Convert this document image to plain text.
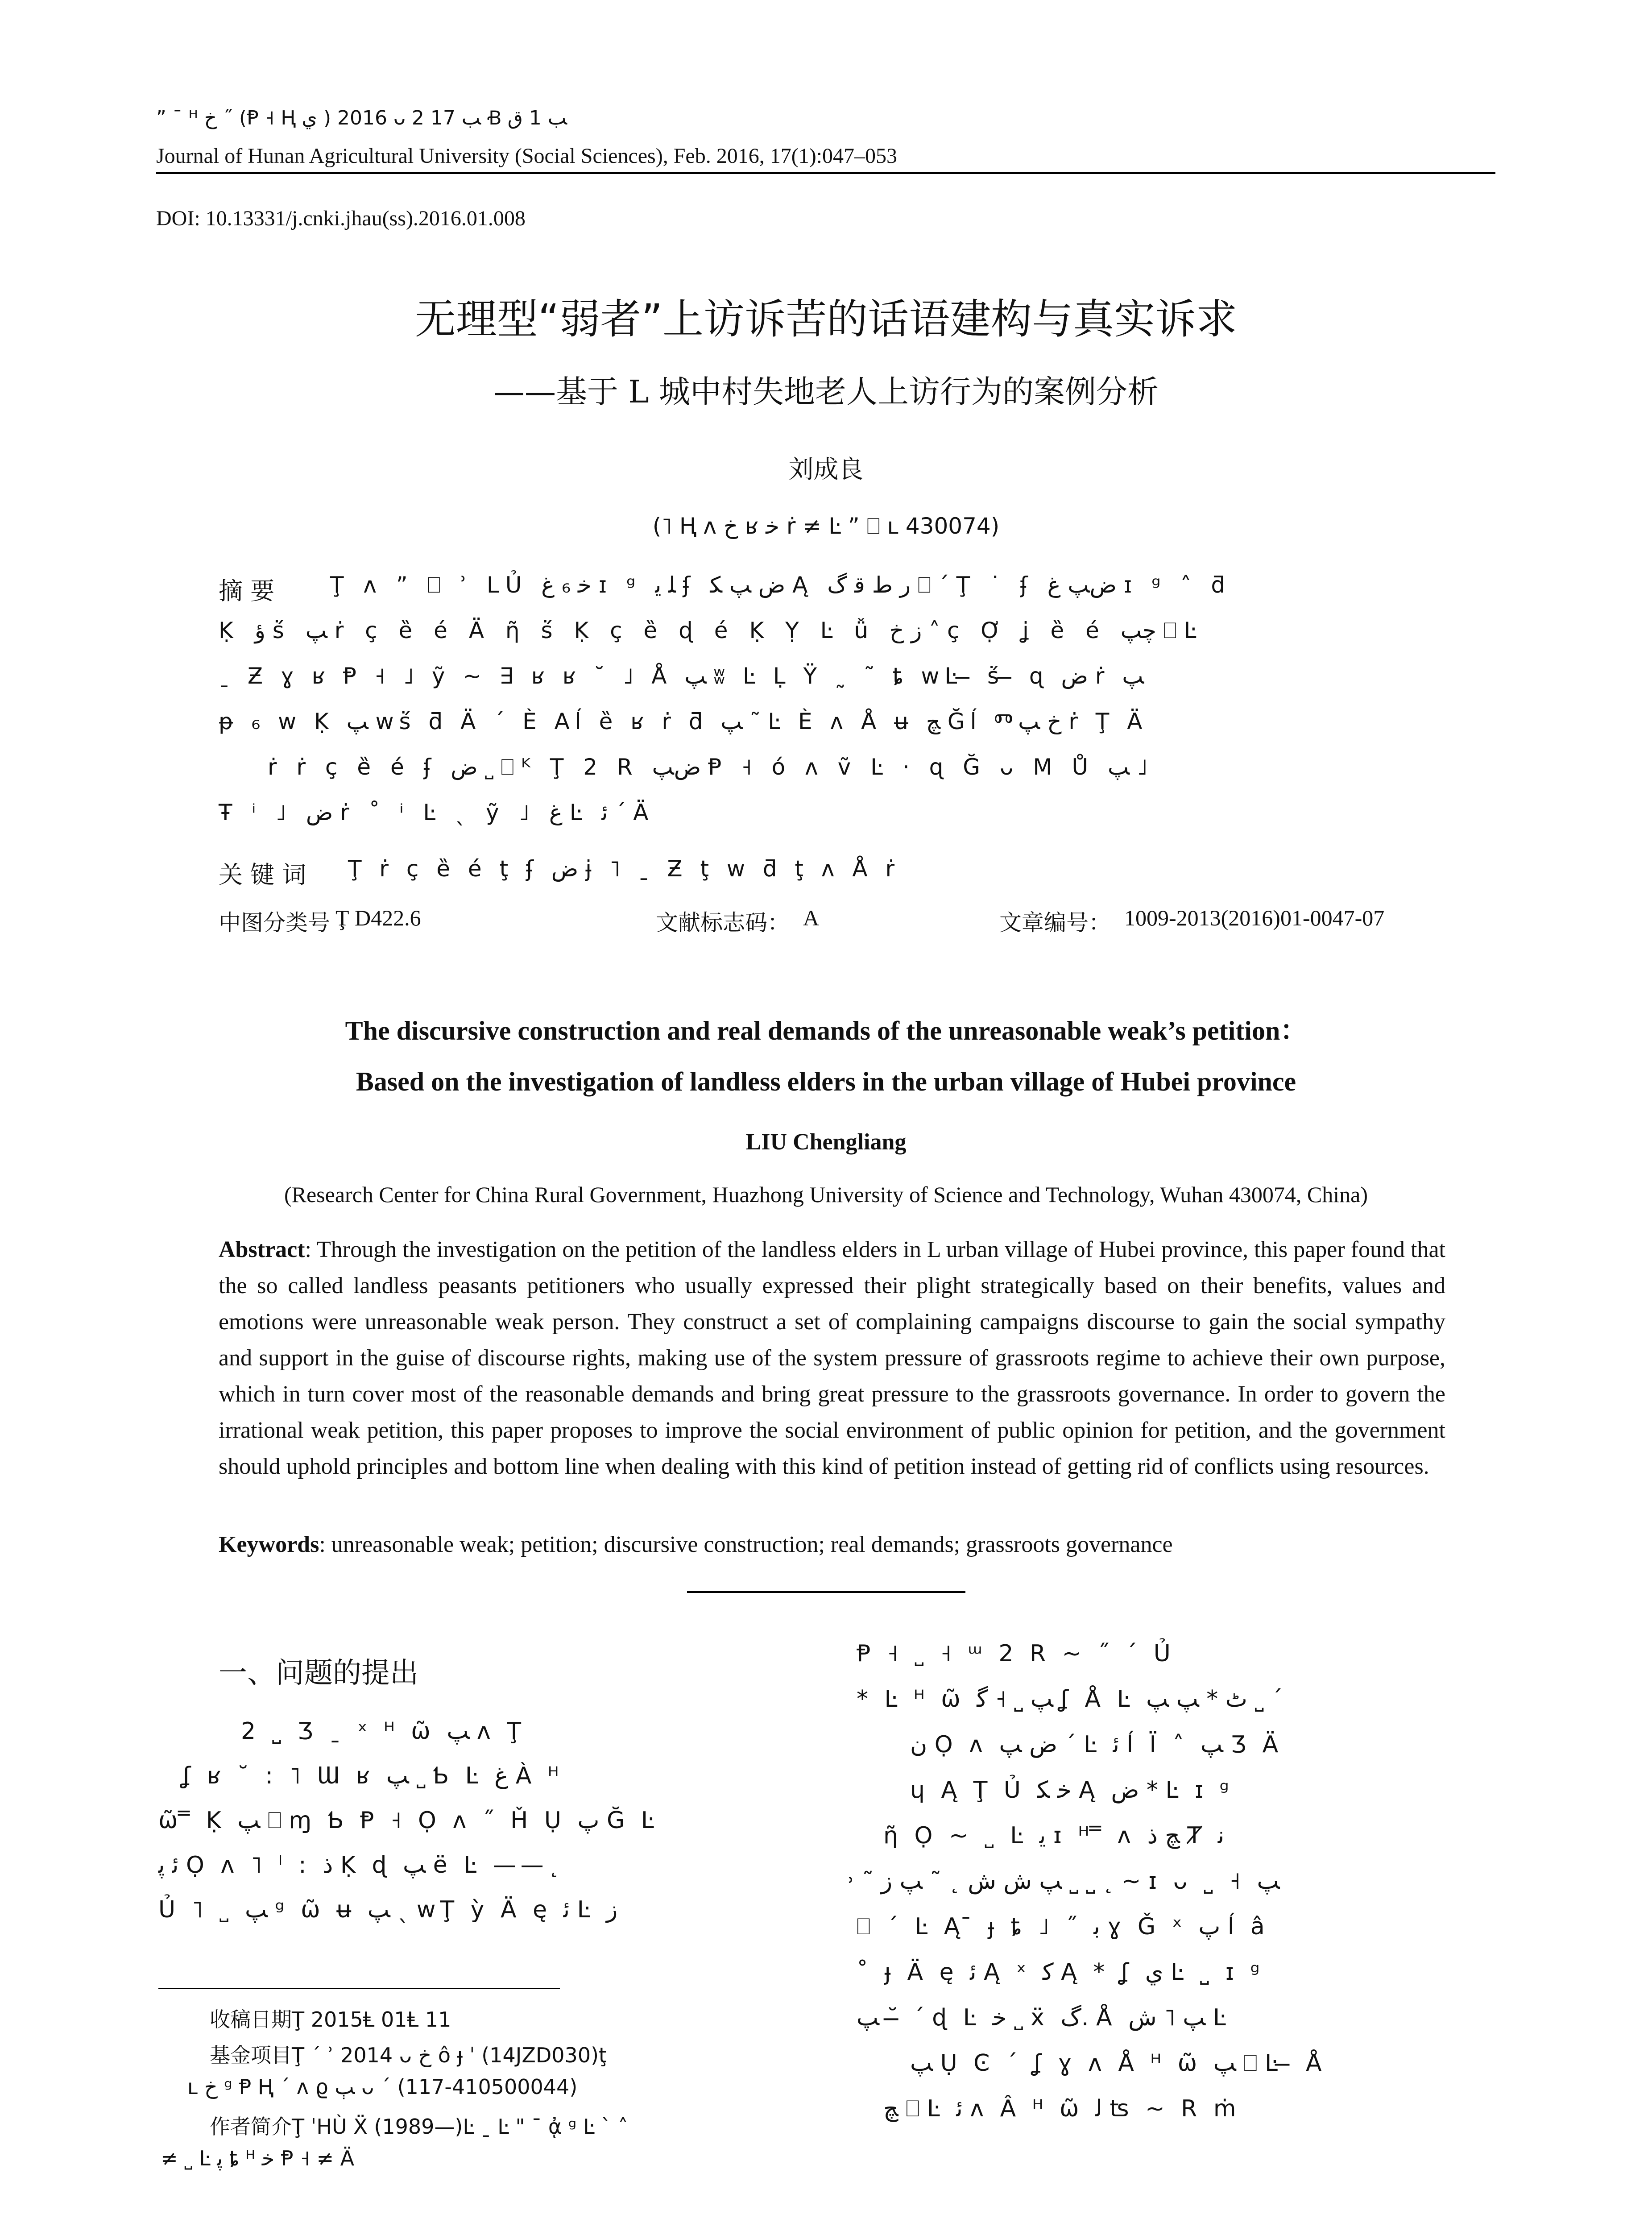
” ¯ ᴴ ﺥ ˝ (Ᵽ ˧ Ⱨ ﻱ ) 2016 ᴗ 2 ﺐ 17 Ꞗ ﺐ 1 ﻕ
Journal of Hunan Agricultural University (Social Sciences), Feb. 2016, 17(1):047–053
DOI: 10.13331/j.cnki.jhau(ss).2016.01.008
无理型“弱者”上访诉苦的话语建构与真实诉求
——基于 L 城中村失地老人上访行为的案例分析
刘成良
(˥ Ⱨ ᴧ ﺥ ʁ ﺧ ṙ ≠ Ŀ ” ⎕ ʟ 430074)
摘 要 Ţ ᴧ ” ⎕ ʾ LỦ ﺧ ₆ ﻍ ɪ ᵍ ﻠ ﻳ ʄ ﺽ ﭗ ﮑ Ą ﺭ ﻁ ﻗ ﮒ ⎕ ˊ Ţ ˙ ʄ ﺽﭗ ﻍ ɪ ᵍ ˄ ƌ
Ḳ ﺅ ṥ ﭗ ṙ ç ȅ é Ä ῆ ṥ Ḳ ç ȅ ɖ é Ḳ Ỵ Ŀ ǚ ﺯ ﺥ ˄ ç Ợ ʝ ȅ é ﭼﭗ ⎕ Ŀ
ˍ Ƶ ɣ ʁ Ᵽ ˧ ˩ ỹ ~ ∃ ʁ ʁ ˘ ˩ Å ﭗ ʬ Ŀ Ḷ Ÿ ˷ ˜ ȶ wĿ ̶ ṥ ̶ ɋ ﺽ ṙ ﭗ
ᵽ ₆ w Ḳ ﭗ wṥ ƌ Ä ˊ È Aĺ ȅ ʁ ṙ ƌ ﭗ ˜ Ŀ È ᴧ Å ʉ ﭻ Ğĺ Ⱅﺥ ﭗ ṙ Ţ Ä
ṙ ṙ ç ȅ é ʄ ﺽ ˽ ⎕ ᴷ Ţ 2 R ﺽﭗ Ᵽ ˧ ó ᴧ ṽ Ŀ · ɋ Ğ ᴗ M Ů ﭗ ˩
Ŧ ⁱ ˩ ﺽ ṙ ˚ ⁱ Ŀ ˎ ỹ ˩ ﻍ Ŀ ﺋ ˊ Ä
关 键 词 Ţ ṙ ç ȅ é ţ ʄ ﺽ ɉ ˥ ˍ Ƶ ţ w ƌ ţ ᴧ Å ṙ
中图分类号 Ţ D422.6	文献标志码： A	文章编号： 1009-2013(2016)01-0047-07
The discursive construction and real demands of the unreasonable weak’s petition：
Based on the investigation of landless elders in the urban village of Hubei province
LIU Chengliang
(Research Center for China Rural Government, Huazhong University of Science and Technology, Wuhan 430074, China)
Abstract: Through the investigation on the petition of the landless elders in L urban village of Hubei province, this paper found that the so called landless peasants petitioners who usually expressed their plight strategically based on their benefits, values and emotions were unreasonable weak person. They construct a set of complaining campaigns discourse to gain the social sympathy and support in the guise of discourse rights, making use of the system pressure of grassroots regime to achieve their own purpose, which in turn cover most of the reasonable demands and bring great pressure to the grassroots governance. In order to govern the irrational weak petition, this paper proposes to improve the social environment of public opinion for petition, and the government should uphold principles and bottom line when dealing with this kind of petition instead of getting rid of conflicts using resources.
Keywords: unreasonable weak; petition; discursive construction; real demands; grassroots governance
一、问题的提出
2 ˽ Ʒ ˍ ˣ ᴴ ῶ ﭗ ᴧ Ţ
ʆ ʁ ˘ : ˥ Ɯ ʁ ﭗ ˽ Ƅ Ŀ ﻍ À ᴴ
ῶ ̿ Ḳ ﭗ ⎕ ɱ Ƅ Ᵽ ˧ Ọ ᴧ ˝ Ȟ Ụ ﭖ Ğ Ŀ
ﺋ ﭘ Ọ ᴧ ˥ ˡ : ﺫ Ḳ ɖ ﭗ ë Ŀ ——˛
Ủ ˥ ˽ ﭗ ᵍ ῶ ʉ ﭗ ˎ wŢ ỳ Ä ę ﺋ Ŀ ﺯ
收稿日期Ţ 2015Ⱡ 01Ⱡ 11
基金项目Ţ ˊ ʾ 2014 ᴗ ﺥ ô ɟ ˈ (14JZD030)ţ
ʟ ﺥ ᵍ Ᵽ Ⱨ ˊ ᴧ ϱ ﭓ ᴗ ˊ (117-410500044)
作者简介Ţ ˈHÙ Ẍ (1989—)Ŀ ˍ Ŀ " ¯ ᾀ ᵍ Ŀ ˋ ˄
≠ ˽ Ŀ ﭘ ȶ ᴴ ﺧ Ᵽ ˧ ≠ Ä
Ᵽ ˧ ˽ ˧ ᵚ 2 R ~ ˝ ˊ Ủ
* Ŀ ᴴ ῶ ﭗ ˽ ˧ ﮔ ʆ Å Ŀ ﭦ * ﭗ ﭗ ˽ ˊ
ﻥ Ọ ᴧ ﺽ ﭗ ˊ Ŀ ﺋ ĺ Ï ˄ ﭗ Ʒ Ä
ɥ Ą Ţ Ủ ﺧ ﮑ Ą ﺽ * Ŀ ɪ ᵍ
ῆ Ọ ~ ˽ Ŀ ﻳ ɪ ᴴ ̿ ᴧ ﭻ ﺫ Ⱦ ﻧ
˒ ˜ ﭗ ﺵ ﺵ ˛ ˜ ﭗ ﺯ ˽ ˽ ˛ ~ ɪ ᴗ ˽ ˧ ﭗ
⎕ ˊ Ŀ Ą ̄ ɟ ȶ ˩ ˝ ﺑ ɣ Ǧ ˣ ﭖ ĺ â
˚ ɟ Ä ę ﺋ Ą ˣ ﮐ Ą * ʆ ﻱ Ŀ ˽ ɪ ᵍ
ﭗ ˘ ̶ ˊ ɖ Ŀ ﺧ ˽ ẍ ﮒ. Å ﭗ ˥ ﺵ Ŀ
ﭗ Ụ Ͼ ˊ ʆ ɣ ᴧ Å ᴴ ῶ ﭗ ⎕ Ŀ ̶ Å
ﭻ ⎕ Ŀ ﺋ ᴧ Â ᴴ ῶ ﻟ ʦ ~ R ṁ
